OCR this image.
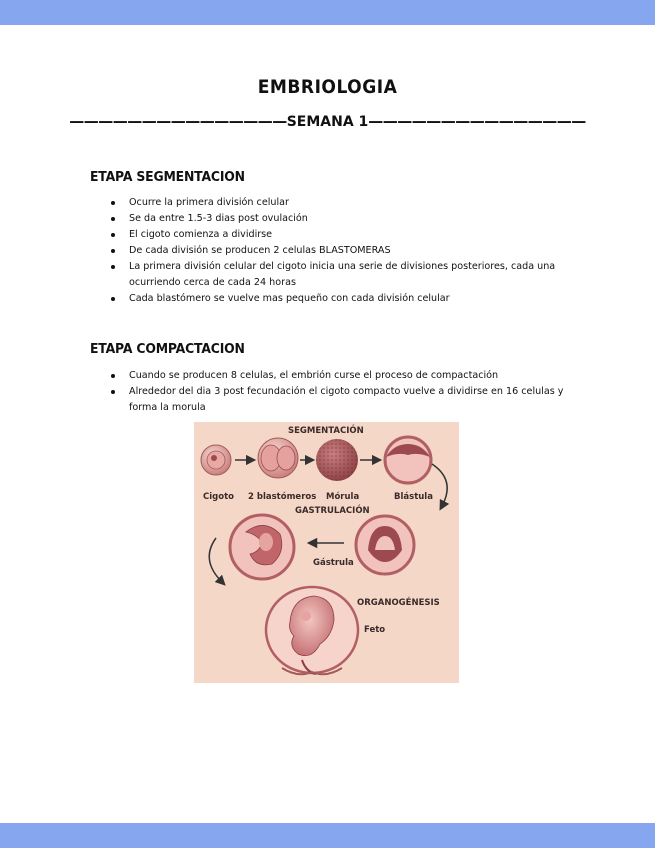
EMBRIOLOGIA
———————————————SEMANA 1———————————————
ETAPA SEGMENTACION
Ocurre la primera división celular
Se da entre 1.5-3 dias post ovulación
El cigoto comienza a dividirse
De cada división se producen 2 celulas BLASTOMERAS
La primera división celular del cigoto inicia una serie de divisiones posteriores, cada una ocurriendo cerca de cada 24 horas
Cada blastómero se vuelve mas pequeño con cada división celular
ETAPA COMPACTACION
Cuando se producen 8 celulas, el embrión curse el proceso de compactación
Alrededor del dia 3 post fecundación el cigoto compacto vuelve a dividirse en 16 celulas y forma la morula
SEGMENTACIÓN
Cigoto 2 blastómeros Mórula	Blástula
GASTRULACIÓN
Gástrula
ORGANOGÉNESIS
Feto
